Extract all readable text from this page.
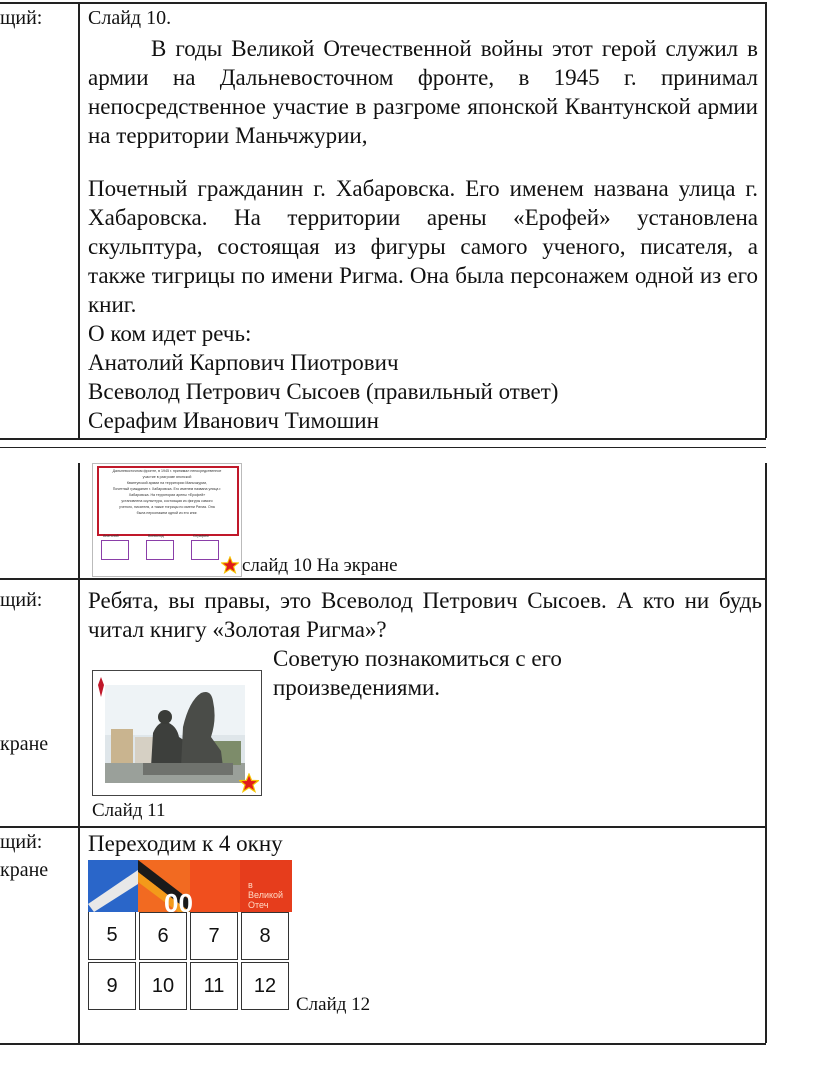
щий: Слайд 10.
В годы Великой Отечественной войны этот герой служил в армии на Дальневосточном фронте, в 1945 г. принимал непосредственное участие в разгроме японской Квантунской армии на территории Маньчжурии,
Почетный гражданин г. Хабаровска. Его именем названа улица г. Хабаровска. На территории арены «Ерофей» установлена скульптура, состоящая из фигуры самого ученого, писателя, а также тигрицы по имени Ригма. Она была персонажем одной из его книг.
О ком идет речь:
Анатолий Карпович Пиотрович
Всеволод Петрович Сысоев (правильный ответ)
Серафим Иванович Тимошин
Дальневосточном фронте, в 1945 г. принимал непосредственное
участие в разгроме японской
Квантунской армии на территории Маньчжурии,
Почетный гражданин г. Хабаровска. Его именем названа улица г.
Хабаровска. На территории арены «Ерофей»
установлена скульптура, состоящая из фигуры самого
ученого, писателя, а также тигрицы по имени Ригма. Она
была персонажем одной из его книг.
Анатолий	Всеволод	Серафим
слайд 10 На экране
щий:
кране
Ребята, вы правы, это Всеволод Петрович Сысоев. А кто ни будь читал книгу «Золотая Ригма»?
Советую познакомиться с его произведениями.
Слайд 11
щий:
кране
Переходим к 4 окну
00
в Великой Отеч
5 6 7 8
9 10 11 12
Слайд 12
